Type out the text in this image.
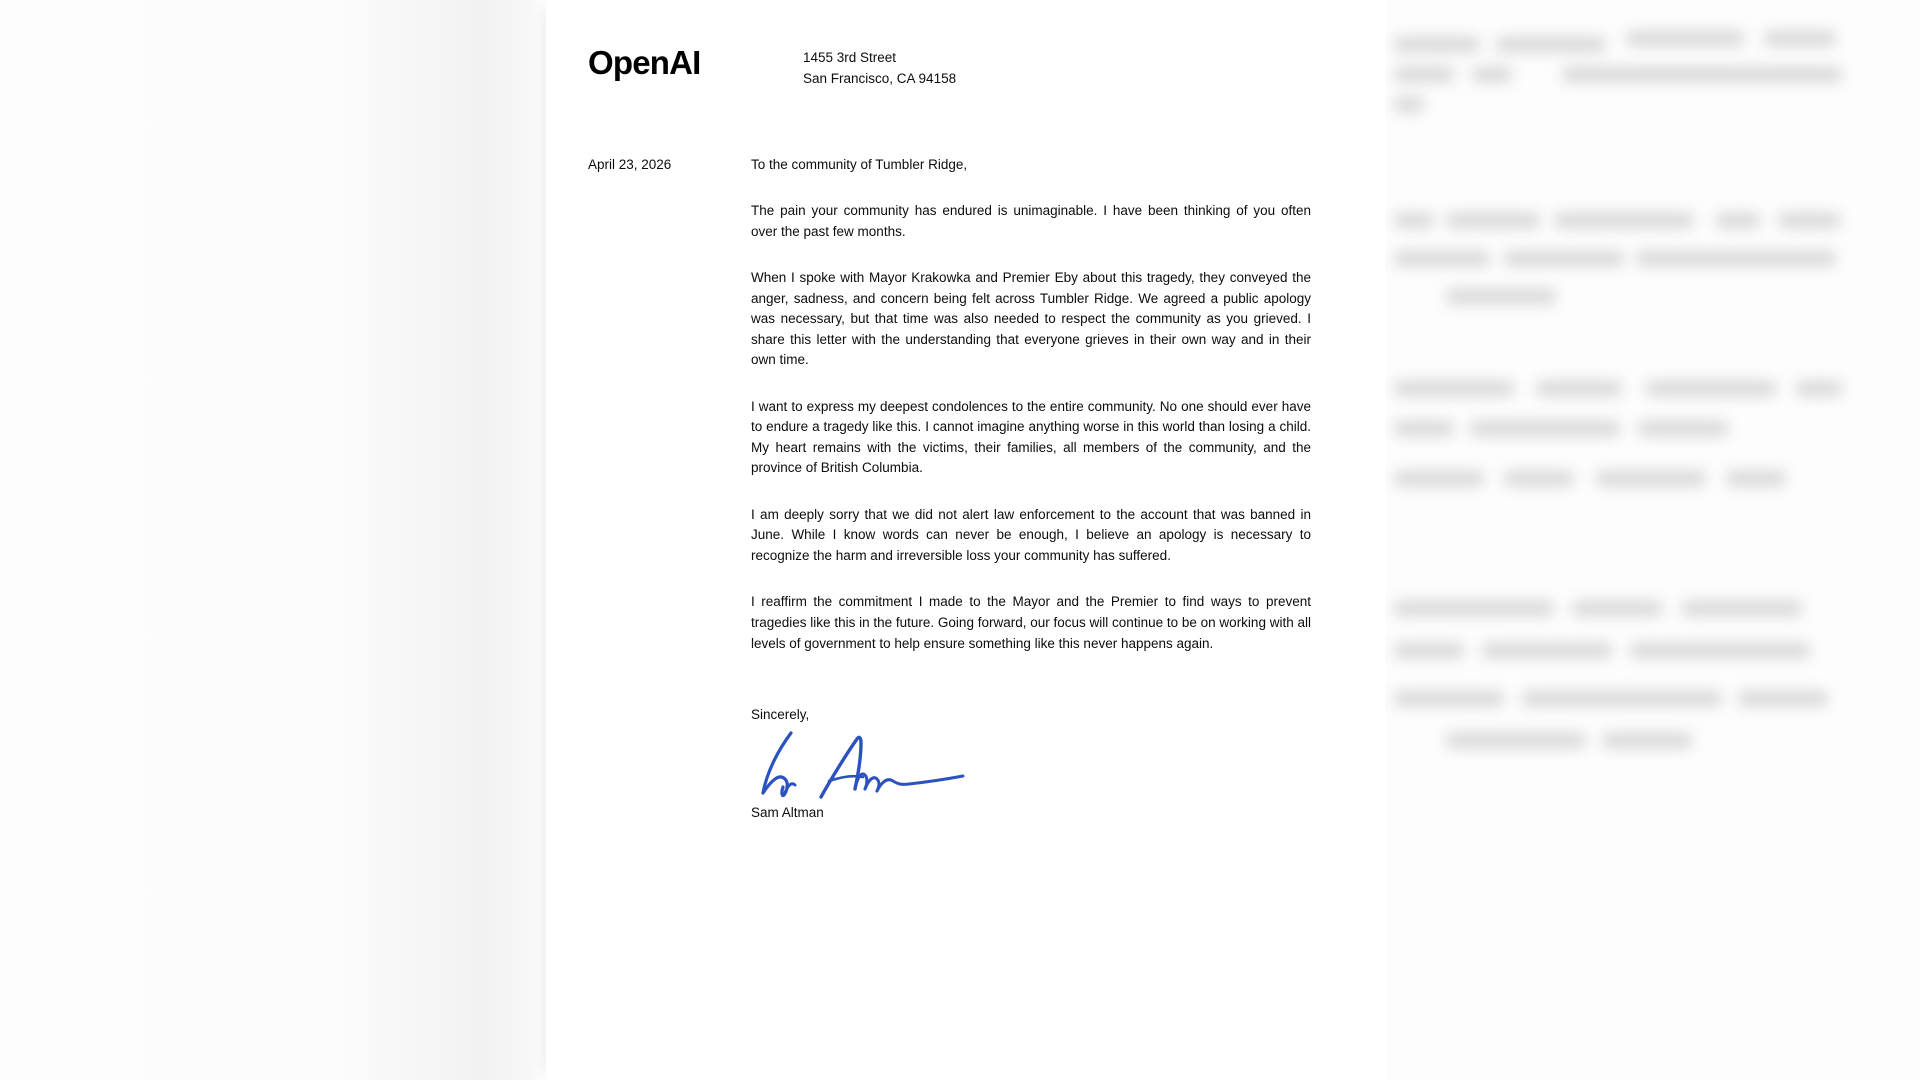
OpenAI	1455 3rd Street
San Francisco, CA 94158
April 23, 2026	To the community of Tumbler Ridge,

The pain your community has endured is unimaginable. I have been thinking of you often over the past few months.

When I spoke with Mayor Krakowka and Premier Eby about this tragedy, they conveyed the anger, sadness, and concern being felt across Tumbler Ridge. We agreed a public apology was necessary, but that time was also needed to respect the community as you grieved. I share this letter with the understanding that everyone grieves in their own way and in their own time.

I want to express my deepest condolences to the entire community. No one should ever have to endure a tragedy like this. I cannot imagine anything worse in this world than losing a child. My heart remains with the victims, their families, all members of the community, and the province of British Columbia.

I am deeply sorry that we did not alert law enforcement to the account that was banned in June. While I know words can never be enough, I believe an apology is necessary to recognize the harm and irreversible loss your community has suffered.

I reaffirm the commitment I made to the Mayor and the Premier to find ways to prevent tragedies like this in the future. Going forward, our focus will continue to be on working with all levels of government to help ensure something like this never happens again.

Sincerely,
Sam Altman
